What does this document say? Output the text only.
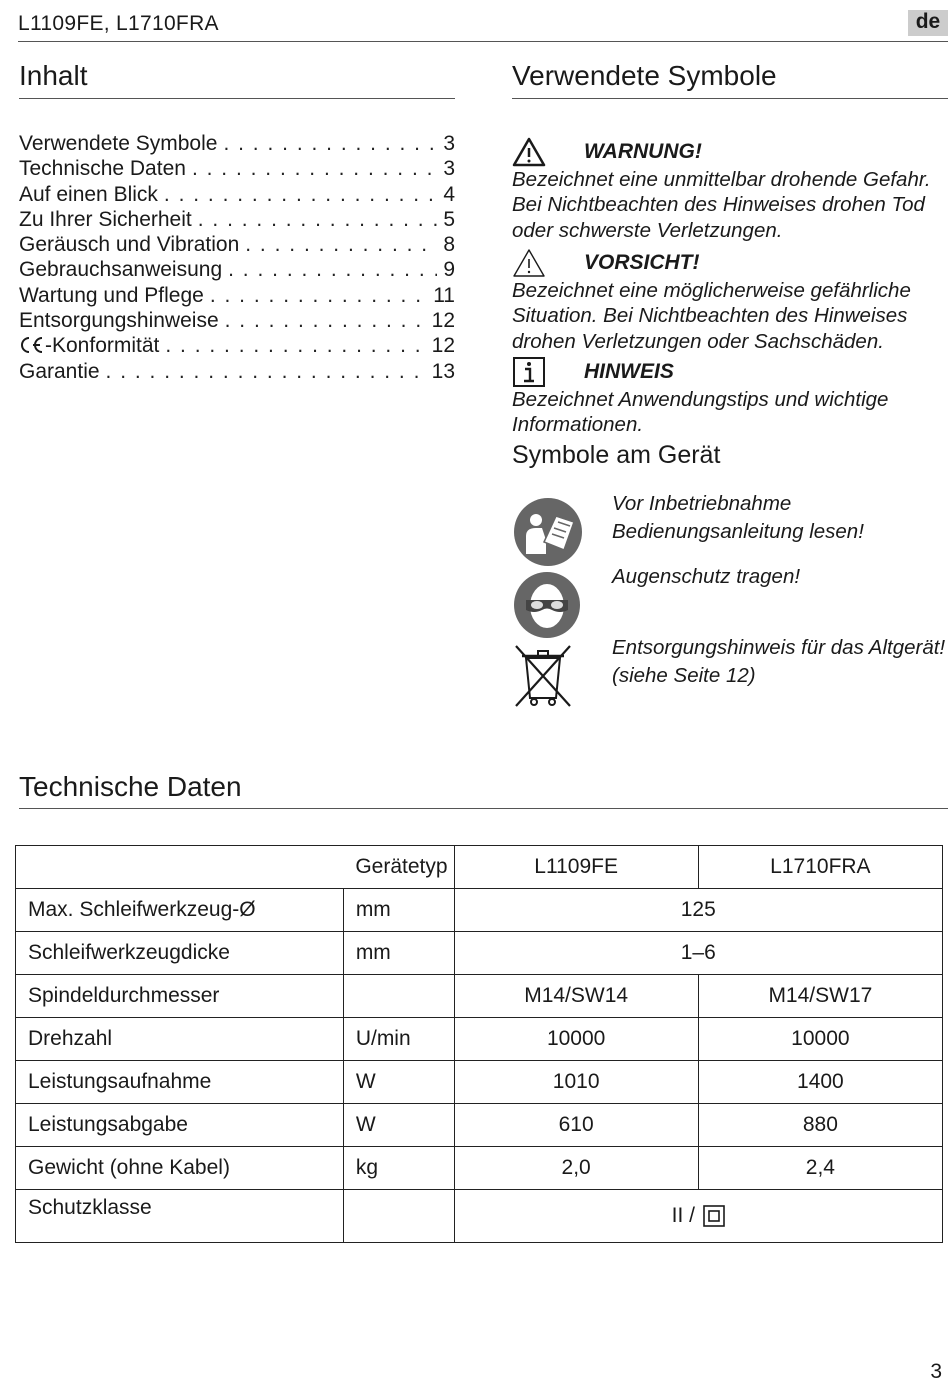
L1109FE, L1710FRA	de
Inhalt
Verwendete Symbole . . .	3
Technische Daten . . .	3
Auf einen Blick . . .	4
Zu Ihrer Sicherheit . . .	5
Geräusch und Vibration . . .	8
Gebrauchsanweisung . . .	9
Wartung und Pflege . . .	11
Entsorgungshinweise . . .	12
-Konformität . . .	12
Garantie . . .	13
Verwendete Symbole
WARNUNG!
Bezeichnet eine unmittelbar drohende Gefahr. Bei Nichtbeachten des Hinweises drohen Tod oder schwerste Verletzungen.
VORSICHT!
Bezeichnet eine möglicherweise gefährliche Situation. Bei Nichtbeachten des Hinweises drohen Verletzungen oder Sachschäden.
HINWEIS
Bezeichnet Anwendungstips und wichtige Informationen.
Symbole am Gerät
Vor Inbetriebnahme Bedienungsanleitung lesen!
Augenschutz tragen!
Entsorgungshinweis für das Altgerät!
(siehe Seite 12)
Technische Daten
	Gerätetyp	L1109FE	L1710FRA
Max. Schleifwerkzeug-Ø	mm	125	
Schleifwerkzeugdicke	mm	1–6	
Spindeldurchmesser		M14/SW14	M14/SW17
Drehzahl	U/min	10000	10000
Leistungsaufnahme	W	1010	1400
Leistungsabgabe	W	610	880
Gewicht (ohne Kabel)	kg	2,0	2,4
Schutzklasse		II /	
3
